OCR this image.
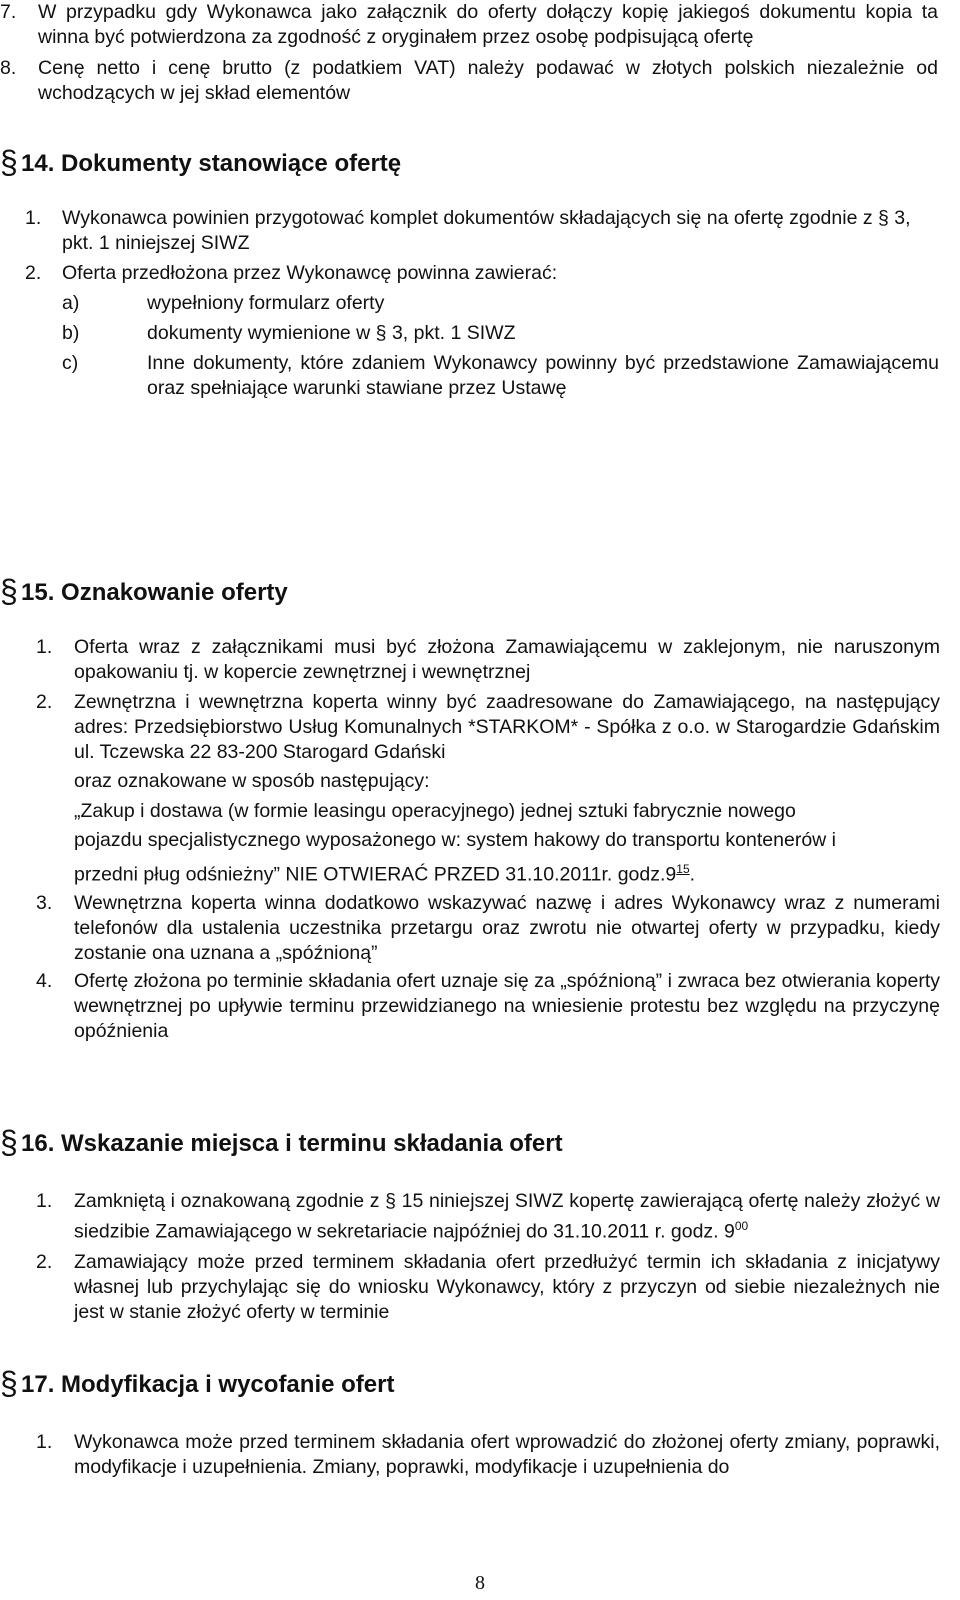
7. W przypadku gdy Wykonawca jako załącznik do oferty dołączy kopię jakiegoś dokumentu kopia ta winna być potwierdzona za zgodność z oryginałem przez osobę podpisującą ofertę
8. Cenę netto i cenę brutto (z podatkiem VAT) należy podawać w złotych polskich niezależnie od wchodzących w jej skład elementów
§ 14. Dokumenty stanowiące ofertę
1. Wykonawca powinien przygotować komplet dokumentów składających się na ofertę zgodnie z § 3, pkt. 1 niniejszej SIWZ
2. Oferta przedłożona przez Wykonawcę powinna zawierać:
a)	wypełniony formularz oferty
b)	dokumenty wymienione w § 3, pkt. 1 SIWZ
c)	Inne dokumenty, które zdaniem Wykonawcy powinny być przedstawione Zamawiającemu oraz spełniające warunki stawiane przez Ustawę
§ 15. Oznakowanie oferty
1. Oferta wraz z załącznikami musi być złożona Zamawiającemu w zaklejonym, nie naruszonym opakowaniu tj. w kopercie zewnętrznej i wewnętrznej
2. Zewnętrzna i wewnętrzna koperta winny być zaadresowane do Zamawiającego, na następujący adres: Przedsiębiorstwo Usług Komunalnych *STARKOM* - Spółka z o.o. w Starogardzie Gdańskim ul. Tczewska 22 83-200 Starogard Gdański
oraz oznakowane w sposób następujący:
„Zakup i dostawa (w formie leasingu operacyjnego) jednej sztuki fabrycznie nowego
pojazdu specjalistycznego wyposażonego w: system hakowy do transportu kontenerów i
przedni pług odśnieżny” NIE OTWIERAĆ PRZED 31.10.2011r. $godz.9^{15}$.
3. Wewnętrzna koperta winna dodatkowo wskazywać nazwę i adres Wykonawcy wraz z numerami telefonów dla ustalenia uczestnika przetargu oraz zwrotu nie otwartej oferty w przypadku, kiedy zostanie ona uznana a „spóźnioną”
4. Ofertę złożona po terminie składania ofert uznaje się za „spóźnioną” i zwraca bez otwierania koperty wewnętrznej po upływie terminu przewidzianego na wniesienie protestu bez względu na przyczynę opóźnienia
§ 16. Wskazanie miejsca i terminu składania ofert
1. Zamkniętą i oznakowaną zgodnie z § 15 niniejszej SIWZ kopertę zawierającą ofertę należy złożyć w siedzibie Zamawiającego w sekretariacie najpóźniej do 31.10.2011 r. godz. $9^{00}$
2. Zamawiający może przed terminem składania ofert przedłużyć termin ich składania z inicjatywy własnej lub przychylając się do wniosku Wykonawcy, który z przyczyn od siebie niezależnych nie jest w stanie złożyć oferty w terminie
§ 17. Modyfikacja i wycofanie ofert
1. Wykonawca może przed terminem składania ofert wprowadzić do złożonej oferty zmiany, poprawki, modyfikacje i uzupełnienia. Zmiany, poprawki, modyfikacje i uzupełnienia do
8
